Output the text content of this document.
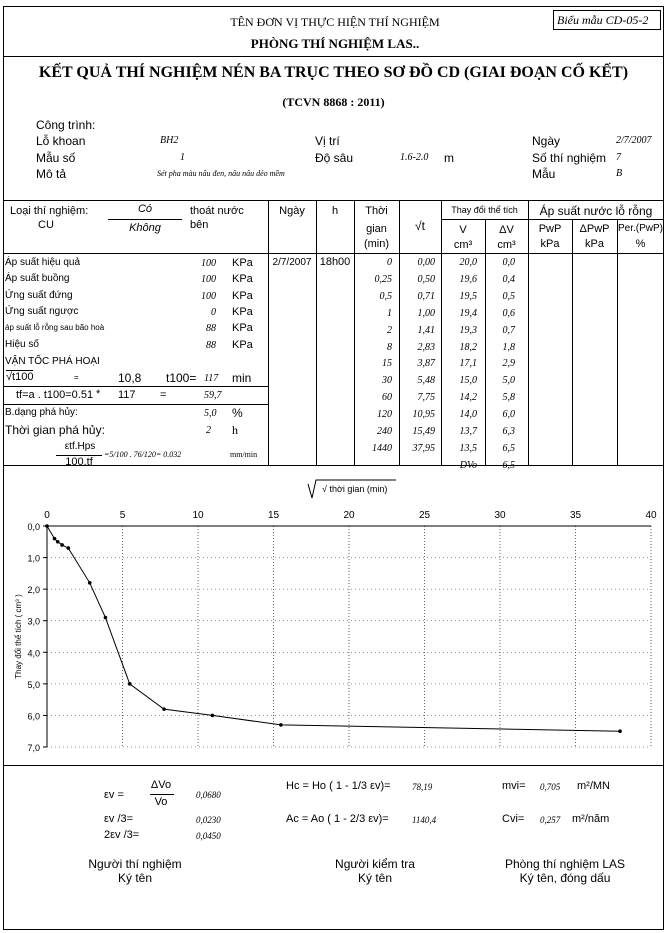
TÊN ĐƠN VỊ THỰC HIỆN THÍ NGHIỆM
PHÒNG THÍ NGHIỆM LAS..
Biểu mẫu CD-05-2
KẾT QUẢ THÍ NGHIỆM NÉN BA TRỤC THEO SƠ ĐỒ CD (GIAI ĐOẠN CỐ KẾT)
(TCVN 8868 : 2011)
Công trình:
Lỗ khoan	BH2	Vị trí	Ngày	2/7/2007
Mẫu số	1	Độ sâu	1.6-2.0 m	Số thí nghiệm 7
Mô tả	Sét pha màu nâu đen, nâu nâu dẻo mềm	Mẫu	B
Loại thí nghiệm:
CU
Có
Không
thoát nước
bên
Ngày	h	Thời
gian
(min)
√t
Thay đổi thể tích
V	ΔV
cm³	cm³
Áp suất nước lỗ rỗng
PwP	ΔPwP Per.(PwP)
kPa	kPa	%
Áp suất hiệu quả	100 KPa
Áp suất buồng	100 KPa
Ứng suất đứng	100 KPa
Ứng suất ngược	0 KPa
áp suất lỗ rỗng sau bão hoà	88 KPa
Hiệu số	88 KPa
VẬN TỐC PHÁ HOẠI
√t100	=	10,8 t100= 117 min
tf=a . t100=0.51 * 117 =	59,7
B.dạng phá hủy:	5,0 %
Thời gian phá hủy:	2 h
εtf.Hps
100.tf
=5/100 . 76/120= 0.032	mm/min
2/7/2007 18h00	0	0,00	20,0	0,0
0,25	0,50	19,6	0,4
0,5	0,71	19,5	0,5
1	1,00	19,4	0,6
2	1,41	19,3	0,7
8	2,83	18,2	1,8
15	3,87	17,1	2,9
30	5,48	15,0	5,0
60	7,75	14,2	5,8
120	10,95	14,0	6,0
240	15,49	13,7	6,3
1440	37,95	13,5	6,5
DVo	6,5
√ thời gian (min)
0	5	10	15	20	25	30	35	40
0,0
1,0
2,0
3,0
4,0
5,0
6,0
7,0
Thay đổi thể tích ( cm³ )
εv =
ΔVo
Vo
0,0680
εv /3=	0,0230
2εv /3=	0,0450
Hc = Ho ( 1 - 1/3 εv)= 78,19
Ac = Ao ( 1 - 2/3 εv)=	1140,4
mvi= 0,705 m²/MN
Cvi= 0,257 m²/năm
Người thí nghiệm
Ký tên
Người kiểm tra
Ký tên
Phòng thí nghiệm LAS
Ký tên, đóng dấu
